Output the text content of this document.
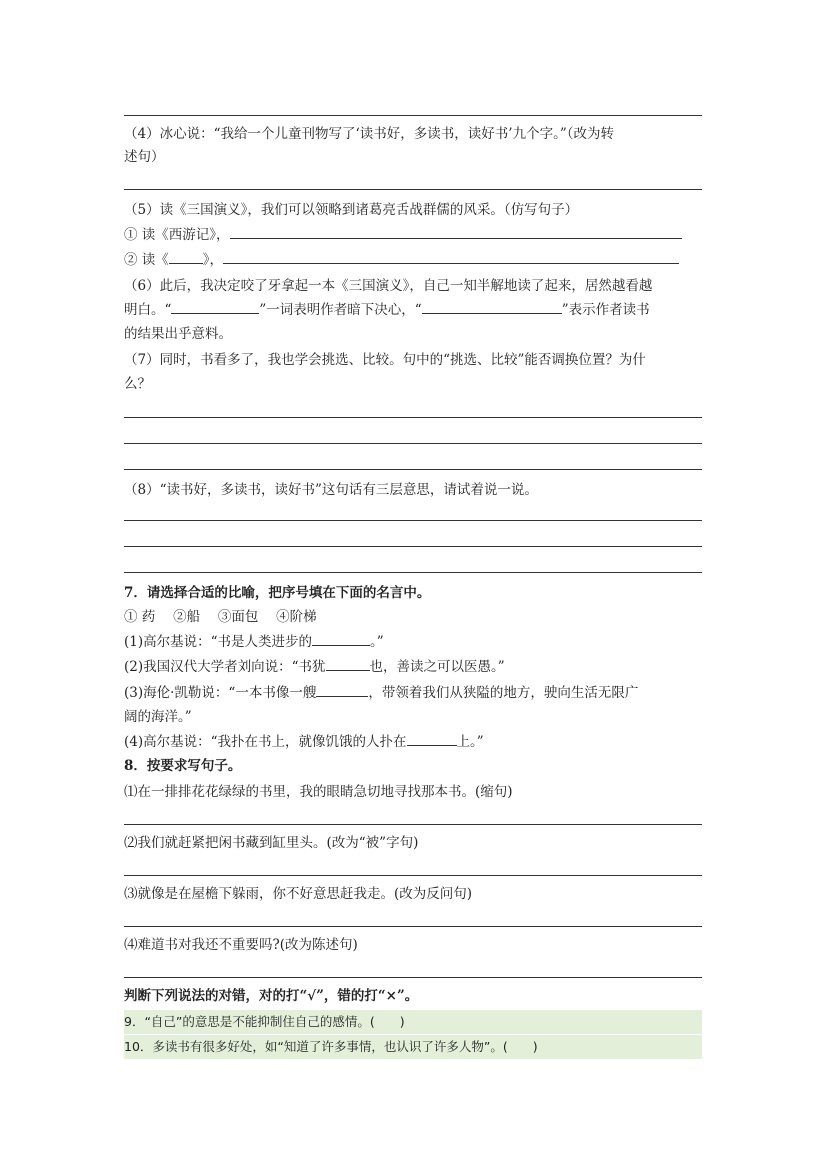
（4）冰心说：“我给一个儿童刊物写了‘读书好，多读书，读好书’九个字。”（改为转
述句）
（5）读《三国演义》，我们可以领略到诸葛亮舌战群儒的风采。（仿写句子）
① 读《西游记》，
② 读《	》，
（6）此后，我决定咬了牙拿起一本《三国演义》，自己一知半解地读了起来，居然越看越
明白。“	”一词表明作者暗下决心，“	”表示作者读书
的结果出乎意料。
（7）同时，书看多了，我也学会挑选、比较。句中的“挑选、比较”能否调换位置？为什
么？
（8）“读书好，多读书，读好书”这句话有三层意思，请试着说一说。
7．请选择合适的比喻，把序号填在下面的名言中。
① 药　 ②船　 ③面包　 ④阶梯
(1)高尔基说：“书是人类进步的	。”
(2)我国汉代大学者刘向说：“书犹	也，善读之可以医愚。”
(3)海伦·凯勒说：“一本书像一艘	，带领着我们从狭隘的地方，驶向生活无限广
阔的海洋。”
(4)高尔基说：“我扑在书上，就像饥饿的人扑在	上。”
8．按要求写句子。
⑴在一排排花花绿绿的书里，我的眼睛急切地寻找那本书。(缩句)
⑵我们就赶紧把闲书藏到缸里头。(改为“被”字句)
⑶就像是在屋檐下躲雨，你不好意思赶我走。(改为反问句)
⑷难道书对我还不重要吗?(改为陈述句)
判断下列说法的对错，对的打“√”，错的打“×”。
9．“自己”的意思是不能抑制住自己的感情。(　　)
10．多读书有很多好处，如“知道了许多事情，也认识了许多人物”。(　　)
